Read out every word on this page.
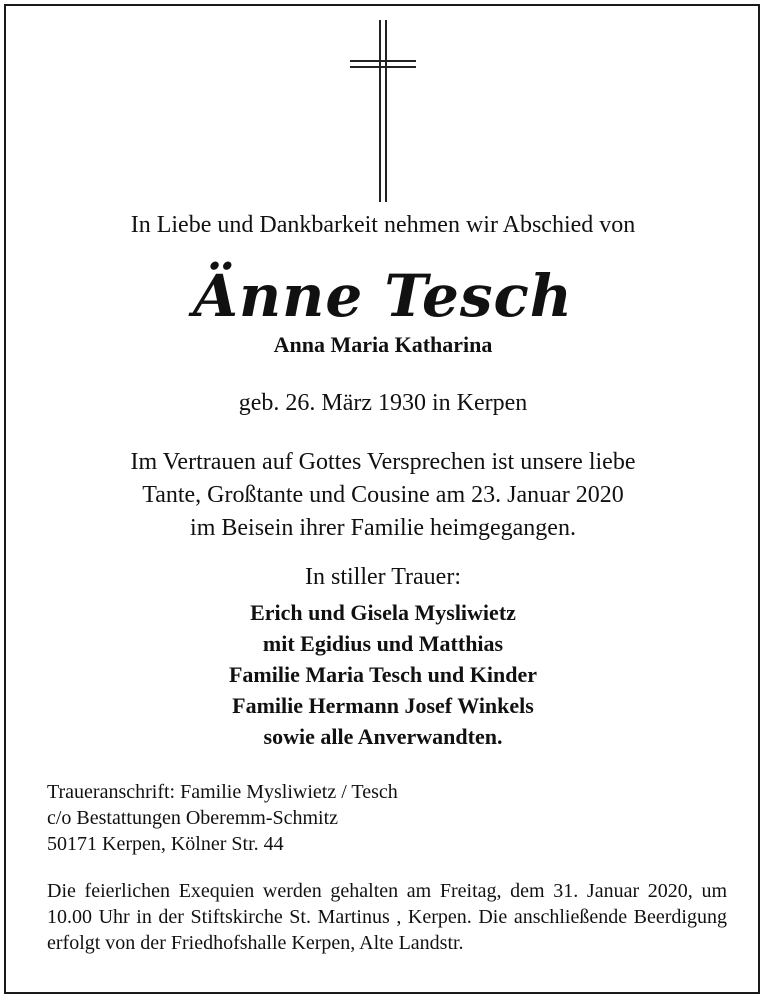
In Liebe und Dankbarkeit nehmen wir Abschied von
Änne Tesch
Anna Maria Katharina
geb. 26. März 1930 in Kerpen
Im Vertrauen auf Gottes Versprechen ist unsere liebe
Tante, Großtante und Cousine am 23. Januar 2020
im Beisein ihrer Familie heimgegangen.
In stiller Trauer:
Erich und Gisela Mysliwietz
mit Egidius und Matthias
Familie Maria Tesch und Kinder
Familie Hermann Josef Winkels
sowie alle Anverwandten.
Traueranschrift: Familie Mysliwietz / Tesch
c/o Bestattungen Oberemm-Schmitz
50171 Kerpen, Kölner Str. 44
Die feierlichen Exequien werden gehalten am Freitag, dem 31. Januar 2020, um 10.00 Uhr in der Stiftskirche St. Martinus , Kerpen. Die anschließende Beerdigung erfolgt von der Friedhofshalle Kerpen, Alte Landstr.
